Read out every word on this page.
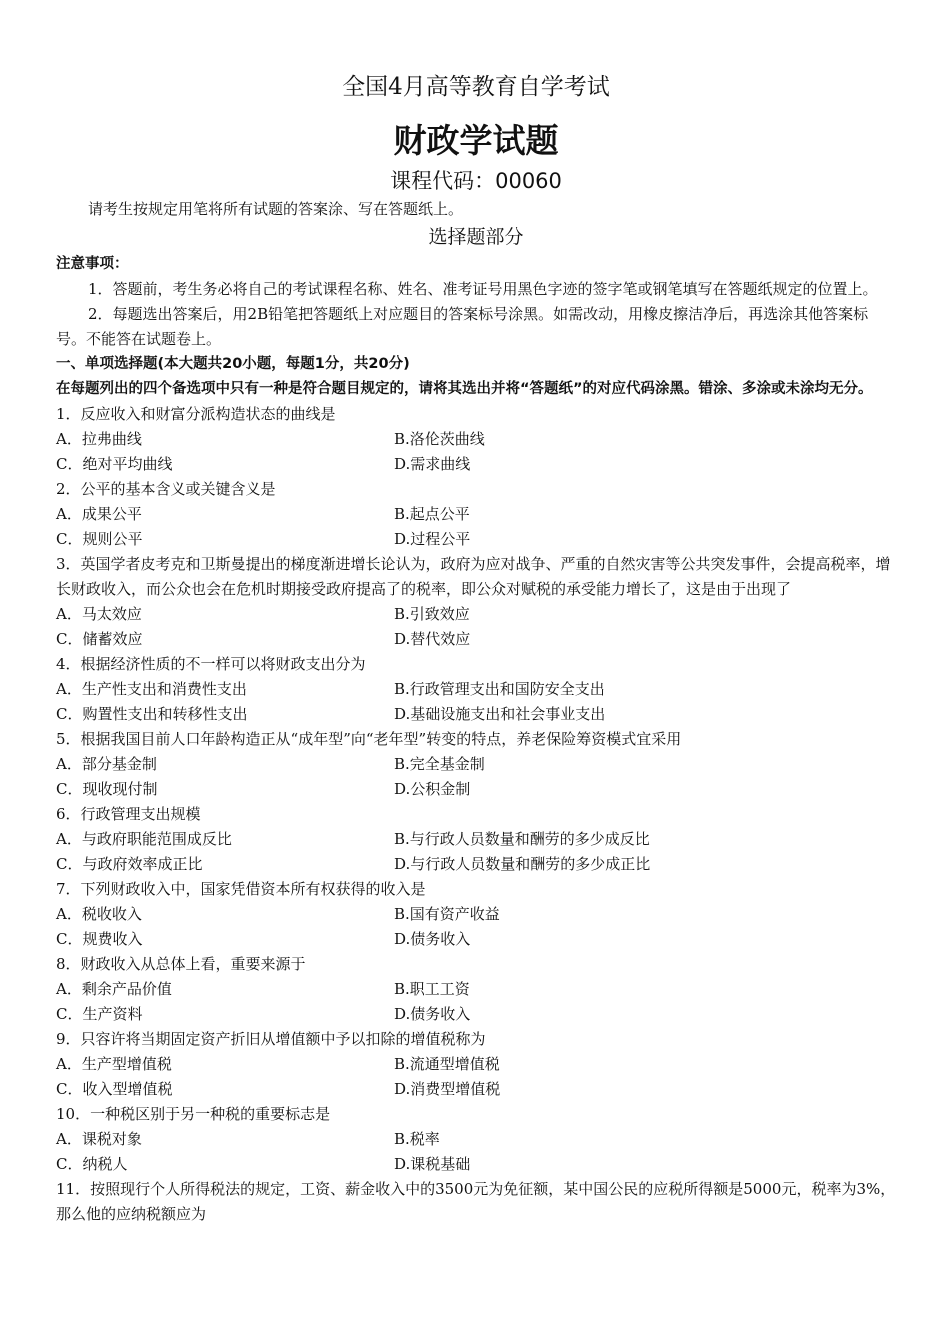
全国4月高等教育自学考试
财政学试题
课程代码：00060
请考生按规定用笔将所有试题的答案涂、写在答题纸上。
选择题部分

注意事项：

1．答题前，考生务必将自己的考试课程名称、姓名、准考证号用黑色字迹的签字笔或钢笔填写在答题纸规定的位置上。

2．每题选出答案后，用2B铅笔把答题纸上对应题目的答案标号涂黑。如需改动，用橡皮擦洁净后，再选涂其他答案标号。不能答在试题卷上。

一、单项选择题(本大题共20小题，每题1分，共20分)

在每题列出的四个备选项中只有一种是符合题目规定的，请将其选出并将“答题纸”的对应代码涂黑。错涂、多涂或未涂均无分。

1．反应收入和财富分派构造状态的曲线是
A．拉弗曲线	B.洛伦茨曲线
C．绝对平均曲线	D.需求曲线
2．公平的基本含义或关键含义是
A．成果公平	B.起点公平
C．规则公平	D.过程公平
3．英国学者皮考克和卫斯曼提出的梯度渐进增长论认为，政府为应对战争、严重的自然灾害等公共突发事件，会提高税率，增长财政收入，而公众也会在危机时期接受政府提高了的税率，即公众对赋税的承受能力增长了，这是由于出现了
A．马太效应	B.引致效应
C．储蓄效应	D.替代效应
4．根据经济性质的不一样可以将财政支出分为
A．生产性支出和消费性支出	B.行政管理支出和国防安全支出
C．购置性支出和转移性支出	D.基础设施支出和社会事业支出
5．根据我国目前人口年龄构造正从“成年型”向“老年型”转变的特点，养老保险筹资模式宜采用
A．部分基金制	B.完全基金制
C．现收现付制	D.公积金制
6．行政管理支出规模
A．与政府职能范围成反比	B.与行政人员数量和酬劳的多少成反比
C．与政府效率成正比	D.与行政人员数量和酬劳的多少成正比
7．下列财政收入中，国家凭借资本所有权获得的收入是
A．税收收入	B.国有资产收益
C．规费收入	D.债务收入
8．财政收入从总体上看，重要来源于
A．剩余产品价值	B.职工工资
C．生产资料	D.债务收入
9．只容许将当期固定资产折旧从增值额中予以扣除的增值税称为
A．生产型增值税	B.流通型增值税
C．收入型增值税	D.消费型增值税
10．一种税区别于另一种税的重要标志是
A．课税对象	B.税率
C．纳税人	D.课税基础

11．按照现行个人所得税法的规定，工资、薪金收入中的3500元为免征额，某中国公民的应税所得额是5000元，税率为3%，那么他的应纳税额应为
